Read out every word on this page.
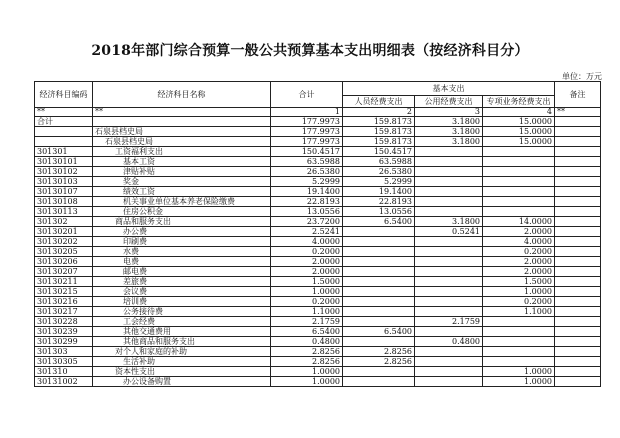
2018年部门综合预算一般公共预算基本支出明细表（按经济科目分）
单位：万元
经济科目编码	经济科目名称	合计	基本支出			备注
			人员经费支出	公用经费支出	专项业务经费支出	
**	**	1	2	3	4	**
合计		177.9973	159.8173	3.1800	15.0000	
	石泉县档史局	177.9973	159.8173	3.1800	15.0000	
	石泉县档史局	177.9973	159.8173	3.1800	15.0000	
301301	工资福利支出	150.4517	150.4517			
30130101	基本工资	63.5988	63.5988			
30130102	津贴补贴	26.5380	26.5380			
30130103	奖金	5.2999	5.2999			
30130107	绩效工资	19.1400	19.1400			
30130108	机关事业单位基本养老保险缴费	22.8193	22.8193			
30130113	住房公积金	13.0556	13.0556			
301302	商品和服务支出	23.7200	6.5400	3.1800	14.0000	
30130201	办公费	2.5241		0.5241	2.0000	
30130202	印刷费	4.0000			4.0000	
30130205	水费	0.2000			0.2000	
30130206	电费	2.0000			2.0000	
30130207	邮电费	2.0000			2.0000	
30130211	差旅费	1.5000			1.5000	
30130215	会议费	1.0000			1.0000	
30130216	培训费	0.2000			0.2000	
30130217	公务接待费	1.1000			1.1000	
30130228	工会经费	2.1759		2.1759		
30130239	其他交通费用	6.5400	6.5400			
30130299	其他商品和服务支出	0.4800		0.4800		
301303	对个人和家庭的补助	2.8256	2.8256			
30130305	生活补助	2.8256	2.8256			
301310	资本性支出	1.0000			1.0000	
30131002	办公设备购置	1.0000			1.0000	
